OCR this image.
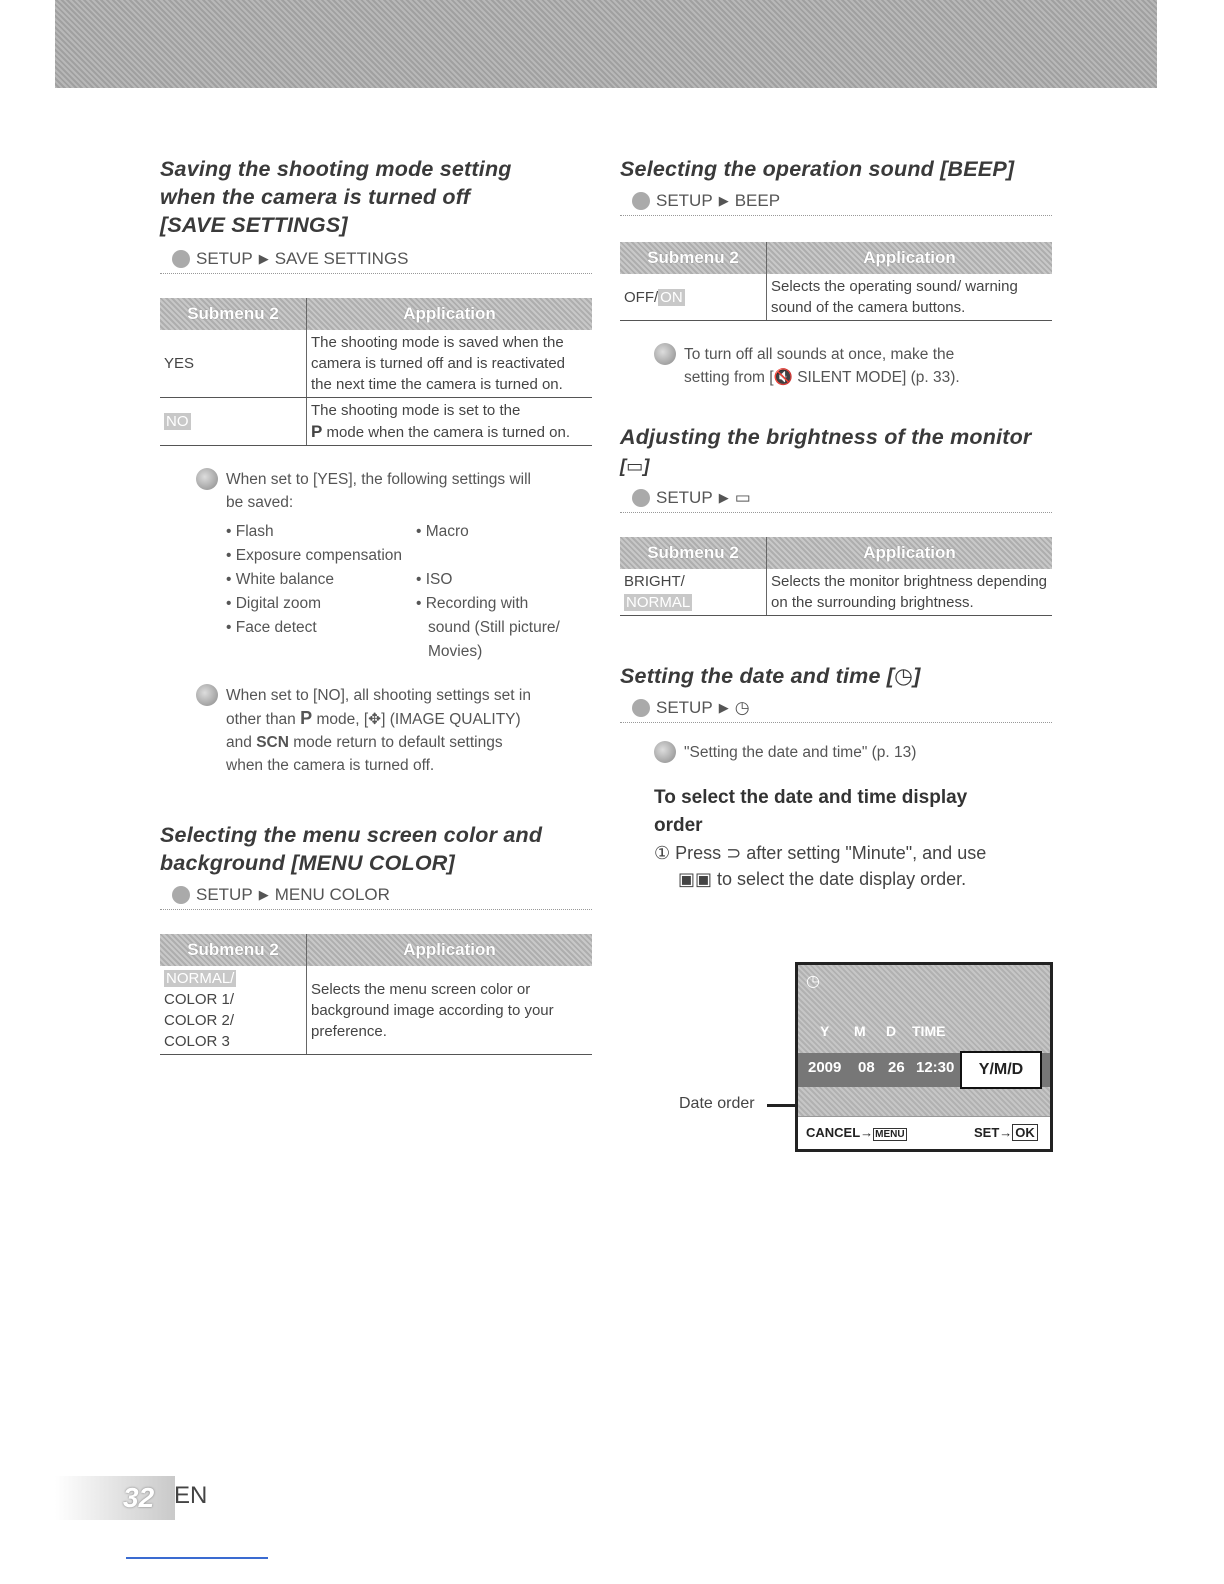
Saving the shooting mode setting
when the camera is turned off
[SAVE SETTINGS]
SETUP ▶ SAVE SETTINGS
Submenu 2	Application
YES	The shooting mode is saved when the camera is turned off and is reactivated the next time the camera is turned on.
NO	The shooting mode is set to the
P mode when the camera is turned on.
When set to [YES], the following settings will
be saved:
• Flash	• Macro
• Exposure compensation
• White balance	• ISO
• Digital zoom	• Recording with
• Face detect	sound (Still picture/
Movies)
When set to [NO], all shooting settings set in
other than P mode, [✥] (IMAGE QUALITY)
and SCN mode return to default settings
when the camera is turned off.
Selecting the menu screen color and
background [MENU COLOR]
SETUP ▶ MENU COLOR
Submenu 2	Application
NORMAL/
COLOR 1/
COLOR 2/
COLOR 3	Selects the menu screen color or background image according to your preference.
Selecting the operation sound [BEEP]
SETUP ▶ BEEP
Submenu 2	Application
OFF/ ON	Selects the operating sound/ warning sound of the camera buttons.
To turn off all sounds at once, make the
setting from [🔇 SILENT MODE] (p. 33).
Adjusting the brightness of the monitor
[▭]
SETUP ▶ ▭
Submenu 2	Application
BRIGHT/
NORMAL	Selects the monitor brightness depending on the surrounding brightness.
Setting the date and time [◷]
SETUP ▶ ◷
"Setting the date and time" (p. 13)
To select the date and time display
order
① Press ⊃ after setting "Minute", and use
▣▣ to select the date display order.
◷
Y M D TIME
2009 08 26 12:30	Y/M/D
CANCEL→ MENU	SET→ OK
Date order
32 EN
